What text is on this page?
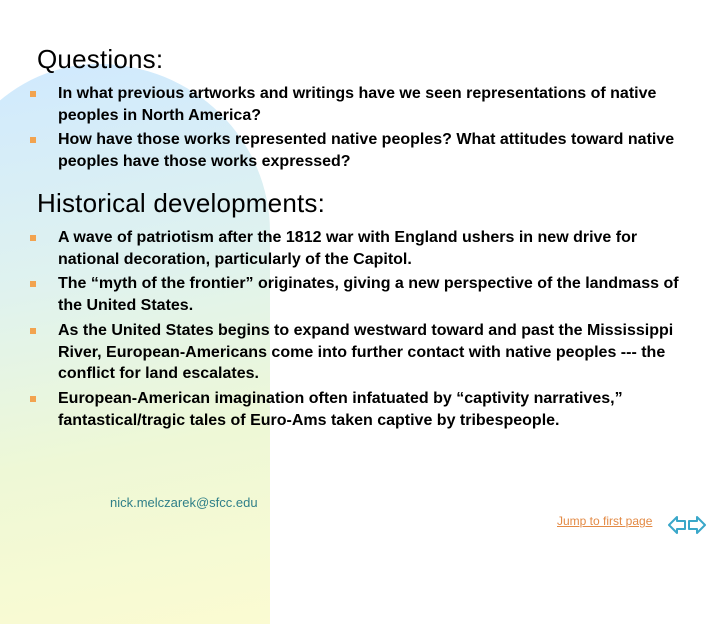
Questions:
In what previous artworks and writings have we seen representations of native peoples in North America?
How have those works represented native peoples? What attitudes toward native peoples have those works expressed?
Historical developments:
A wave of patriotism after the 1812 war with England ushers in new drive for national decoration, particularly of the Capitol.
The “myth of the frontier” originates, giving a new perspective of the landmass of the United States.
As the United States begins to expand westward toward and past the Mississippi River, European-Americans come into further contact with native peoples --- the conflict for land escalates.
European-American imagination often infatuated by “captivity narratives,” fantastical/tragic tales of Euro-Ams taken captive by tribespeople.
nick.melczarek@sfcc.edu
Jump to first page
